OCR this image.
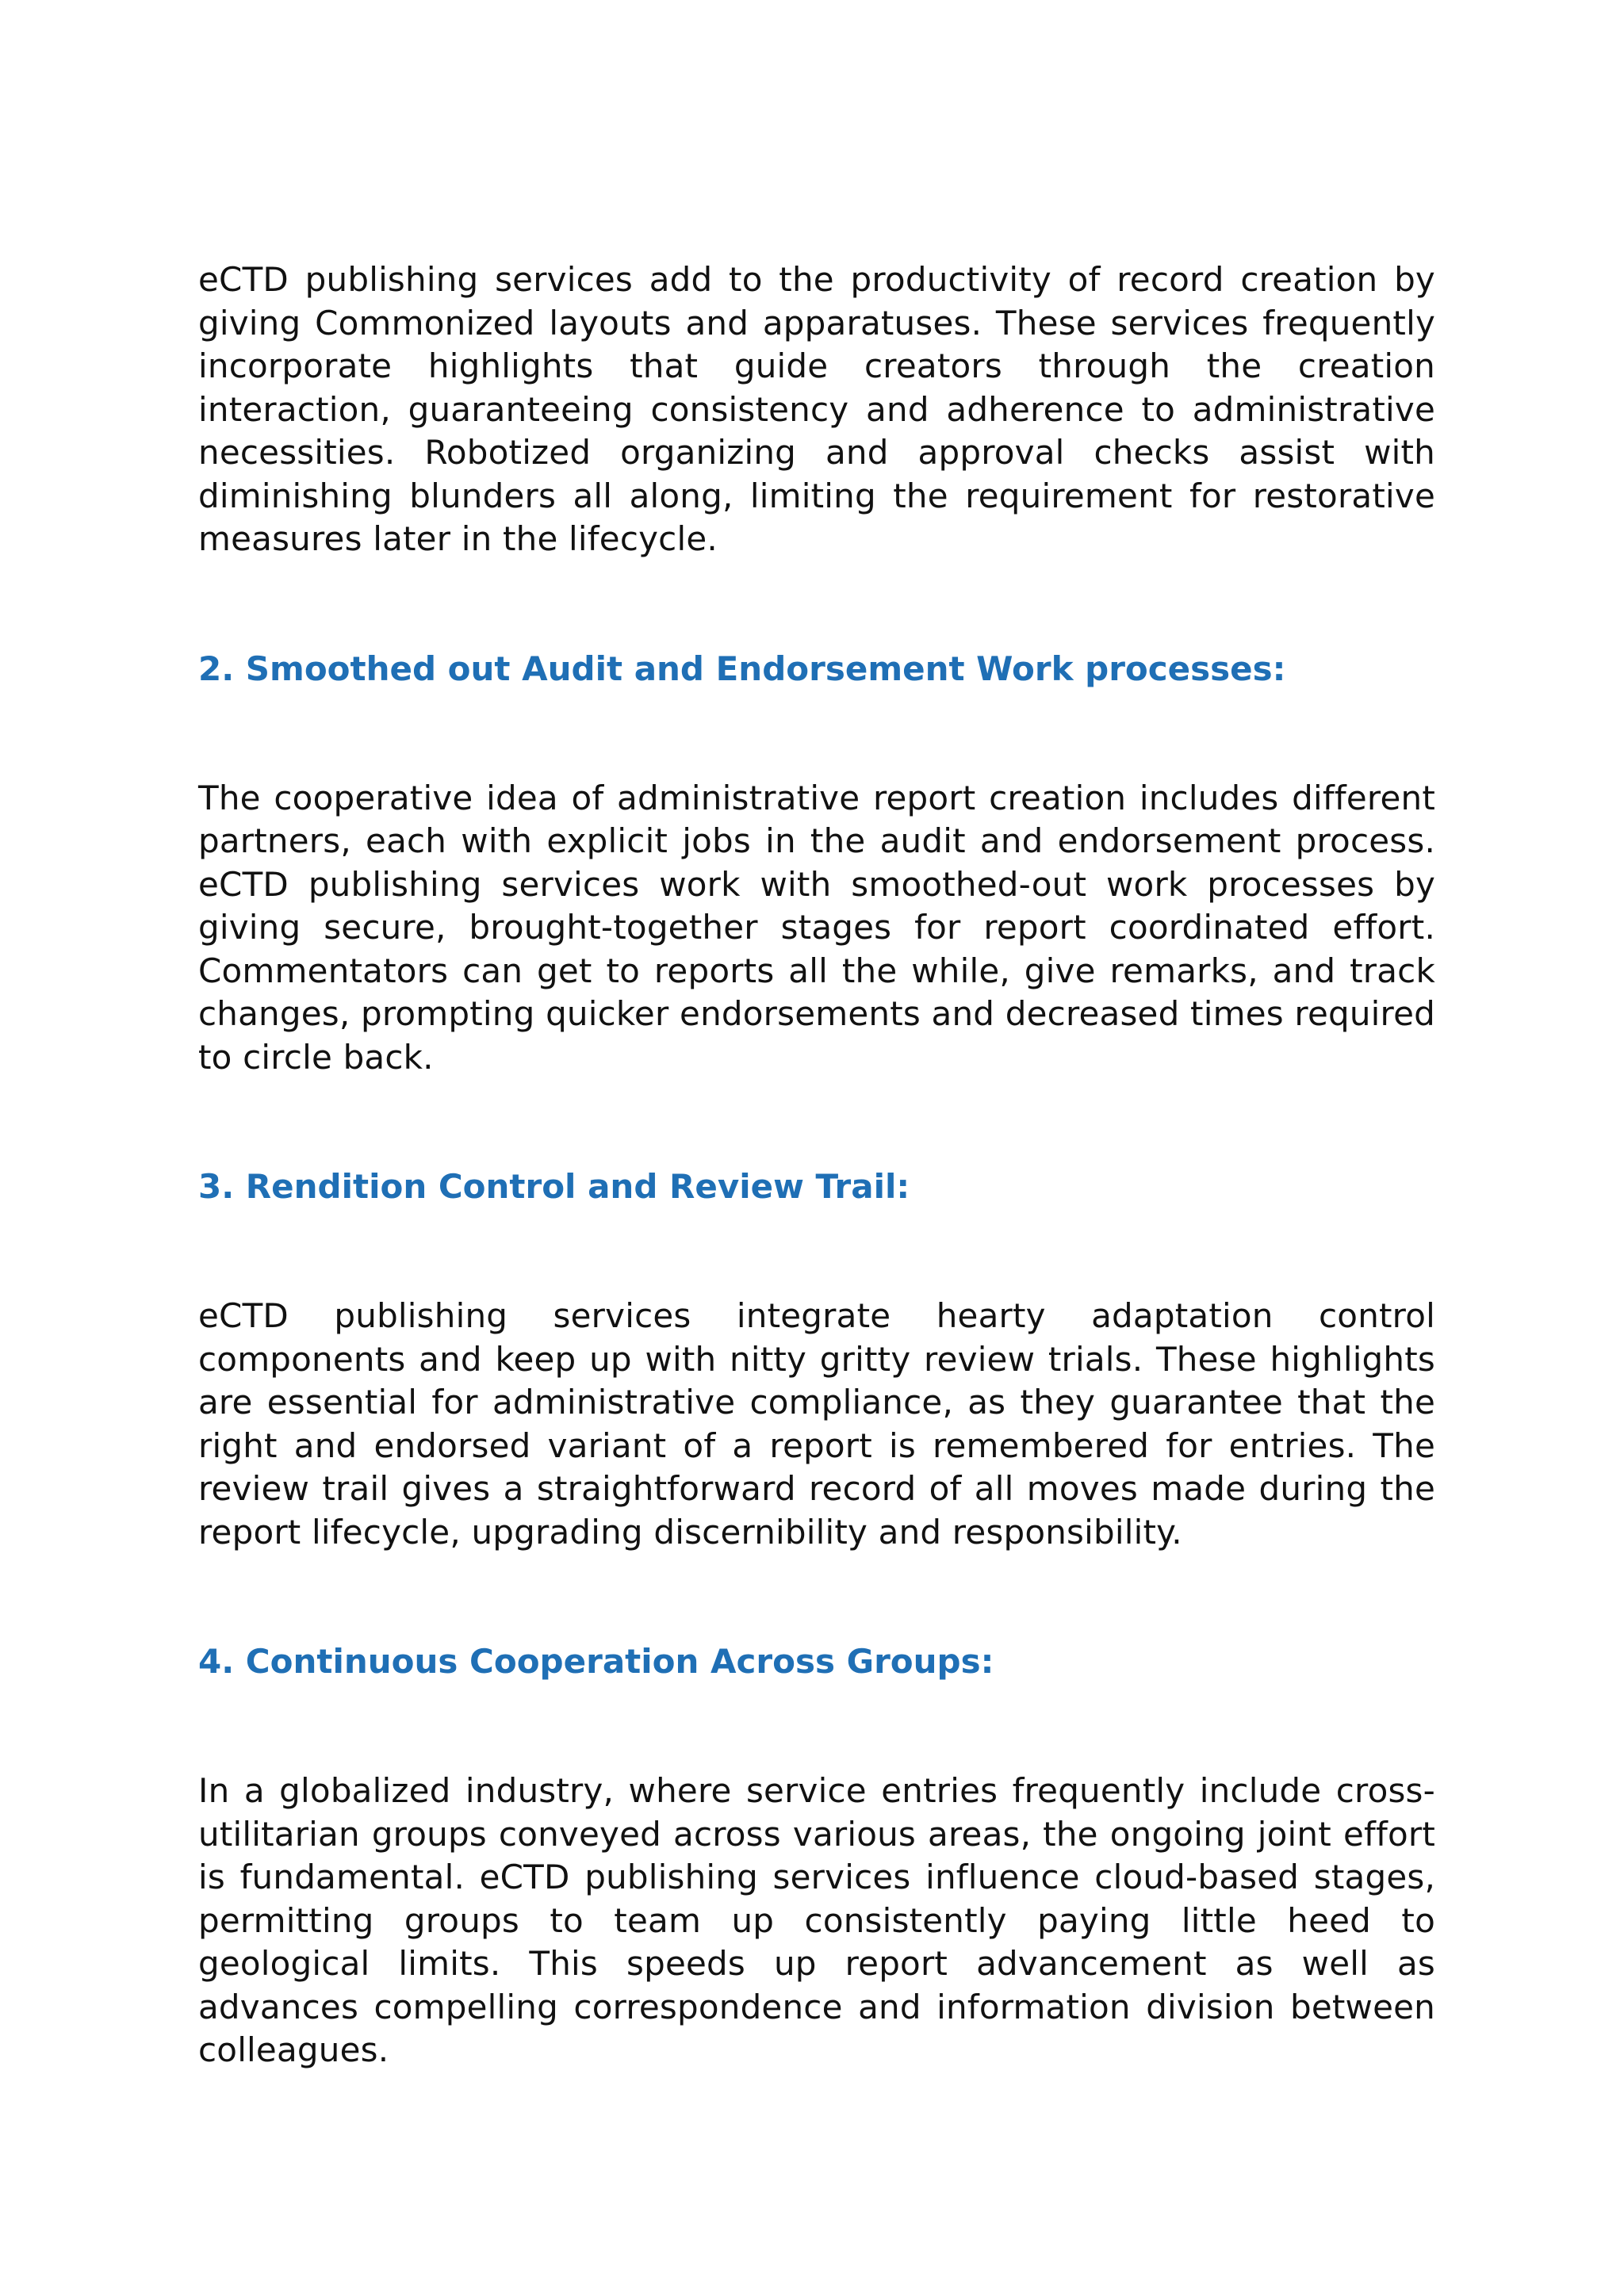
eCTD publishing services add to the productivity of record creation by giving Commonized layouts and apparatuses. These services frequently incorporate highlights that guide creators through the creation interaction, guaranteeing consistency and adherence to administrative necessities. Robotized organizing and approval checks assist with diminishing blunders all along, limiting the requirement for restorative measures later in the lifecycle.

2. Smoothed out Audit and Endorsement Work processes:

The cooperative idea of administrative report creation includes different partners, each with explicit jobs in the audit and endorsement process. eCTD publishing services work with smoothed-out work processes by giving secure, brought-together stages for report coordinated effort. Commentators can get to reports all the while, give remarks, and track changes, prompting quicker endorsements and decreased times required to circle back.

3. Rendition Control and Review Trail:

eCTD publishing services integrate hearty adaptation control components and keep up with nitty gritty review trials. These highlights are essential for administrative compliance, as they guarantee that the right and endorsed variant of a report is remembered for entries. The review trail gives a straightforward record of all moves made during the report lifecycle, upgrading discernibility and responsibility.

4. Continuous Cooperation Across Groups:

In a globalized industry, where service entries frequently include cross-utilitarian groups conveyed across various areas, the ongoing joint effort is fundamental. eCTD publishing services influence cloud-based stages, permitting groups to team up consistently paying little heed to geological limits. This speeds up report advancement as well as advances compelling correspondence and information division between colleagues.
